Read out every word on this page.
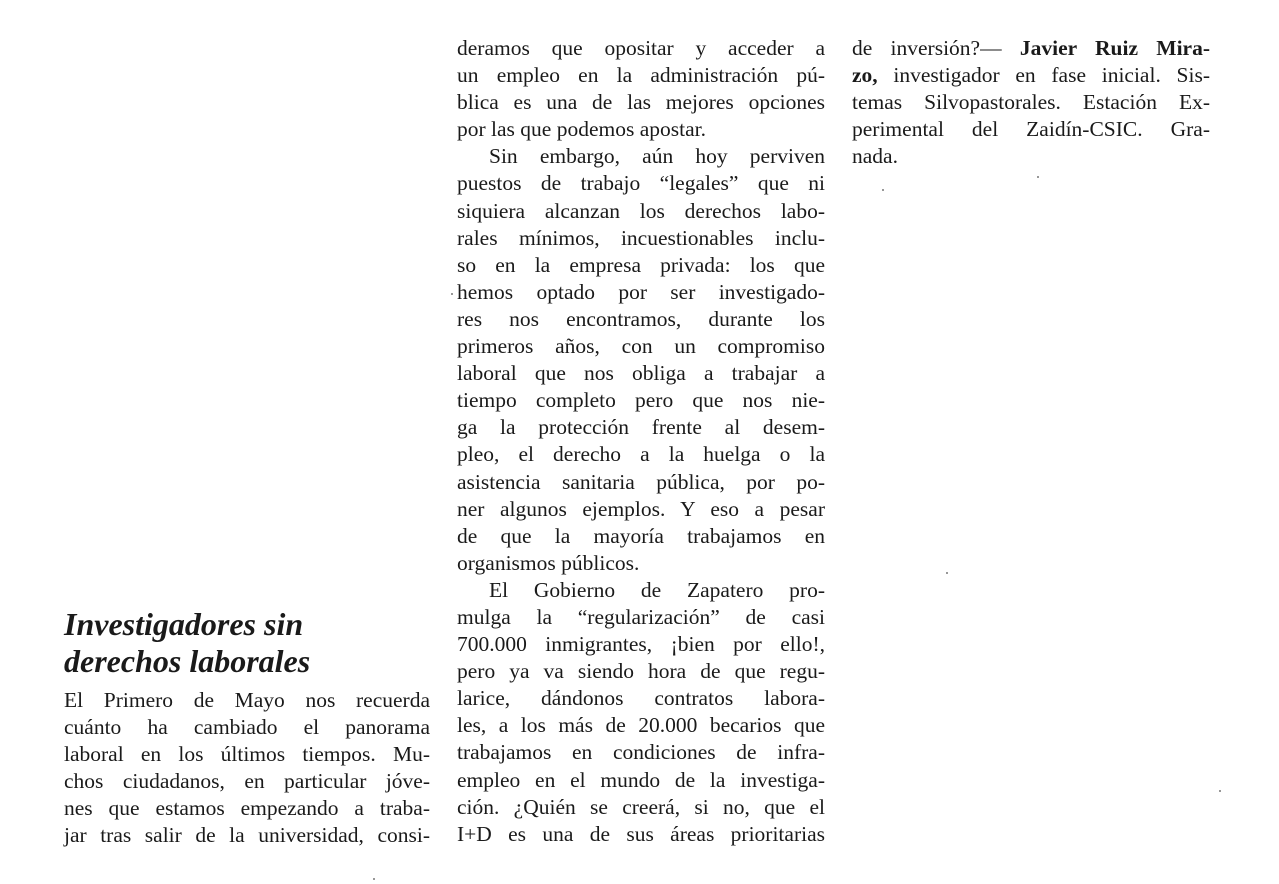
Investigadores sin
derechos laborales
El Primero de Mayo nos recuerda
cuánto ha cambiado el panorama
laboral en los últimos tiempos. Mu-
chos ciudadanos, en particular jóve-
nes que estamos empezando a traba-
jar tras salir de la universidad, consi-
deramos que opositar y acceder a
un empleo en la administración pú-
blica es una de las mejores opciones
por las que podemos apostar.
Sin embargo, aún hoy perviven
puestos de trabajo “legales” que ni
siquiera alcanzan los derechos labo-
rales mínimos, incuestionables inclu-
so en la empresa privada: los que
hemos optado por ser investigado-
res nos encontramos, durante los
primeros años, con un compromiso
laboral que nos obliga a trabajar a
tiempo completo pero que nos nie-
ga la protección frente al desem-
pleo, el derecho a la huelga o la
asistencia sanitaria pública, por po-
ner algunos ejemplos. Y eso a pesar
de que la mayoría trabajamos en
organismos públicos.
El Gobierno de Zapatero pro-
mulga la “regularización” de casi
700.000 inmigrantes, ¡bien por ello!,
pero ya va siendo hora de que regu-
larice, dándonos contratos labora-
les, a los más de 20.000 becarios que
trabajamos en condiciones de infra-
empleo en el mundo de la investiga-
ción. ¿Quién se creerá, si no, que el
I+D es una de sus áreas prioritarias
de inversión?— Javier Ruiz Mira-
zo, investigador en fase inicial. Sis-
temas Silvopastorales. Estación Ex-
perimental del Zaidín-CSIC. Gra-
nada.
